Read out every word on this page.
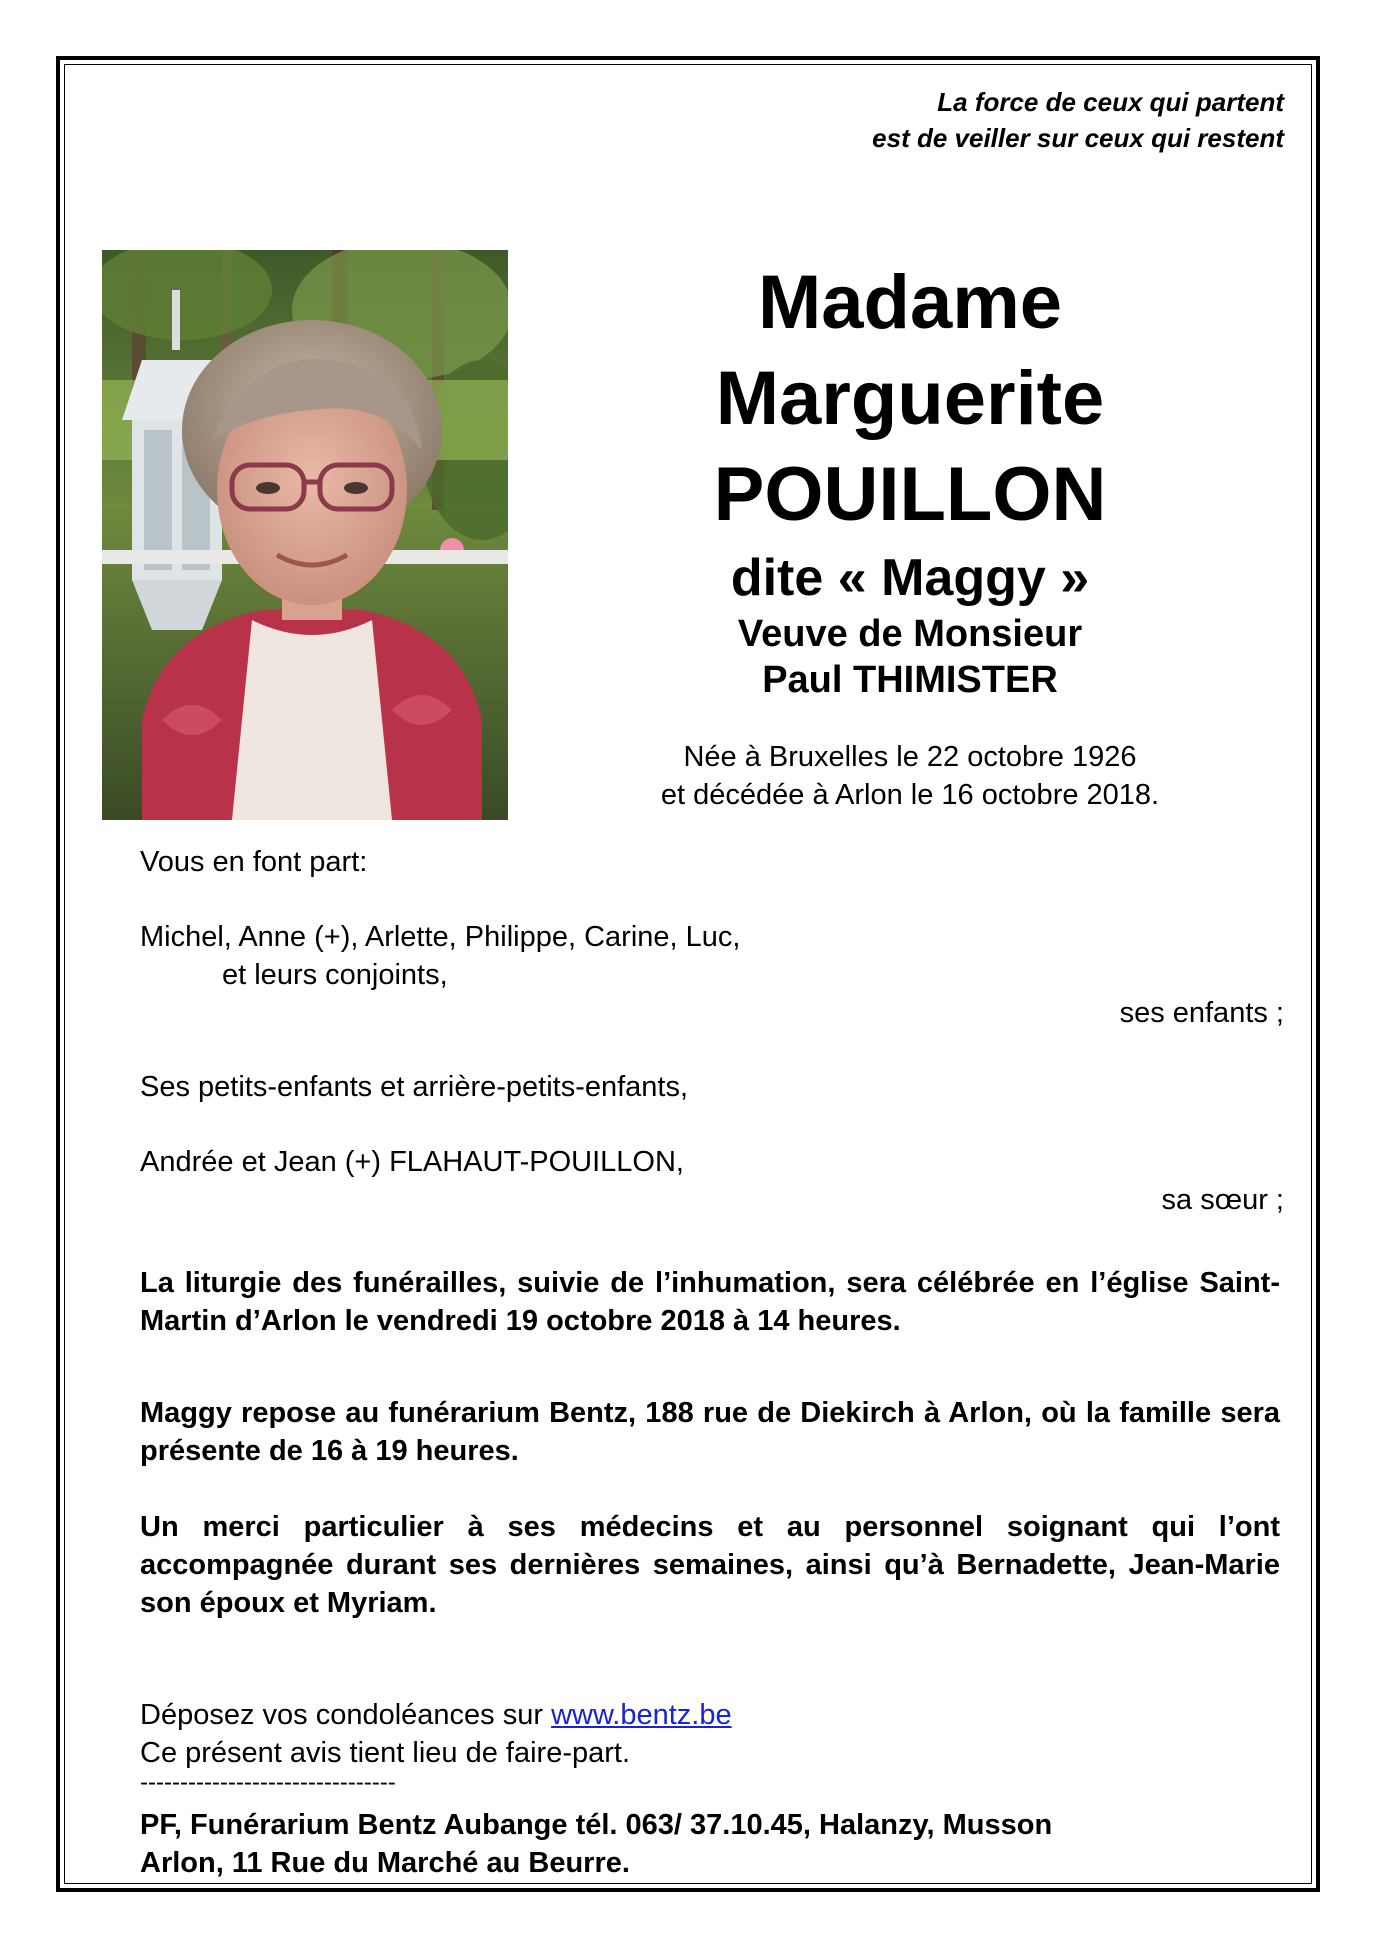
La force de ceux qui partent
est de veiller sur ceux qui restent
Madame
Marguerite
POUILLON
dite « Maggy »
Veuve de Monsieur
Paul THIMISTER
Née à Bruxelles le 22 octobre 1926
et décédée à Arlon le 16 octobre 2018.
Vous en font part:
Michel, Anne (+), Arlette, Philippe, Carine, Luc,
et leurs conjoints,
ses enfants ;
Ses petits-enfants et arrière-petits-enfants,
Andrée et Jean (+) FLAHAUT-POUILLON,
sa sœur ;
La liturgie des funérailles, suivie de l’inhumation, sera célébrée en l’église Saint-Martin d’Arlon le vendredi 19 octobre 2018 à 14 heures.
Maggy repose au funérarium Bentz, 188 rue de Diekirch à Arlon, où la famille sera présente de 16 à 19 heures.
Un merci particulier à ses médecins et au personnel soignant qui l’ont accompagnée durant ses dernières semaines, ainsi qu’à Bernadette, Jean-Marie son époux et Myriam.
Déposez vos condoléances sur www.bentz.be
Ce présent avis tient lieu de faire-part.
--------------------------------
PF, Funérarium Bentz Aubange tél. 063/ 37.10.45, Halanzy, Musson
Arlon, 11 Rue du Marché au Beurre.
